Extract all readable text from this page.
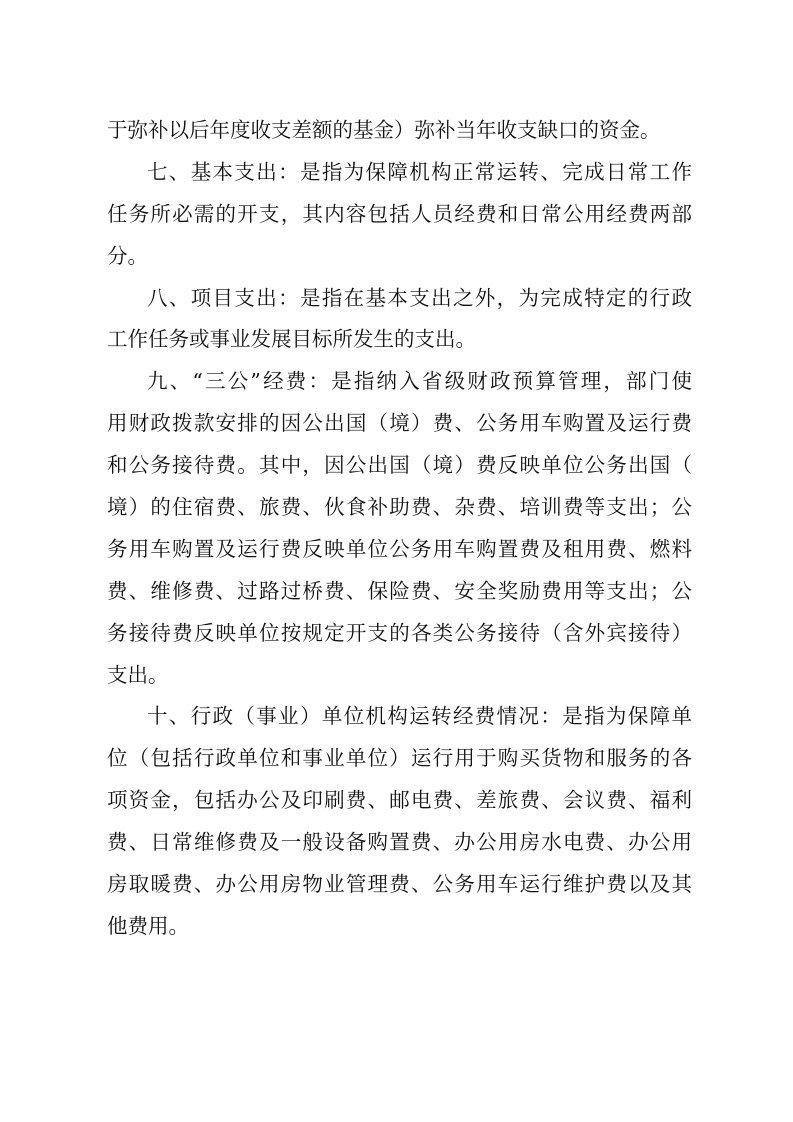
于弥补以后年度收支差额的基金）弥补当年收支缺口的资金。
七、基本支出：是指为保障机构正常运转、完成日常工作
任务所必需的开支，其内容包括人员经费和日常公用经费两部
分。
八、项目支出：是指在基本支出之外，为完成特定的行政
工作任务或事业发展目标所发生的支出。
九、“三公”经费：是指纳入省级财政预算管理，部门使
用财政拨款安排的因公出国（境）费、公务用车购置及运行费
和公务接待费。其中，因公出国（境）费反映单位公务出国（
境）的住宿费、旅费、伙食补助费、杂费、培训费等支出；公
务用车购置及运行费反映单位公务用车购置费及租用费、燃料
费、维修费、过路过桥费、保险费、安全奖励费用等支出；公
务接待费反映单位按规定开支的各类公务接待（含外宾接待）
支出。
十、行政（事业）单位机构运转经费情况：是指为保障单
位（包括行政单位和事业单位）运行用于购买货物和服务的各
项资金，包括办公及印刷费、邮电费、差旅费、会议费、福利
费、日常维修费及一般设备购置费、办公用房水电费、办公用
房取暖费、办公用房物业管理费、公务用车运行维护费以及其
他费用。
